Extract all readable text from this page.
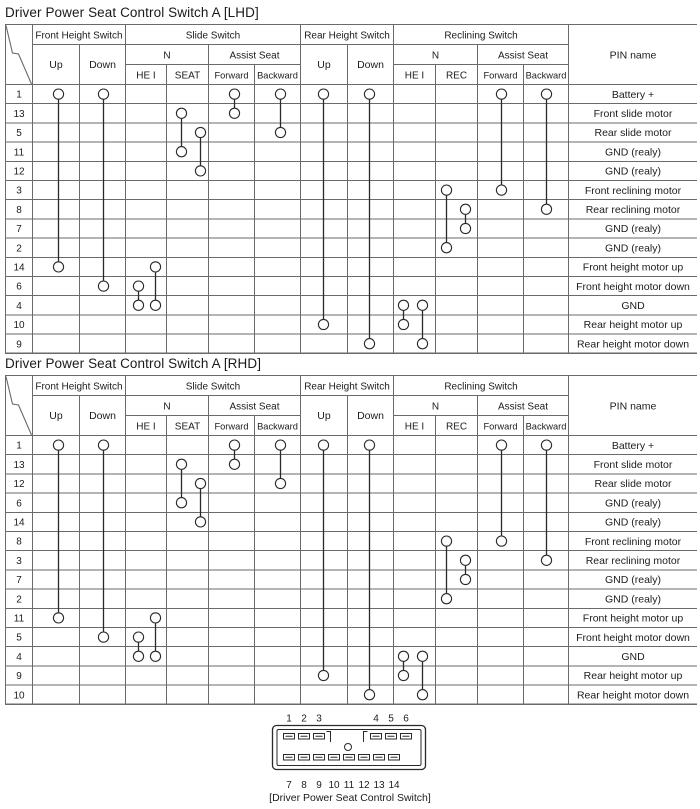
Driver Power Seat Control Switch A [LHD]
Front Height Switch
Up	Down
Slide Switch
N
HE I SEAT
Assist Seat
Forward Backward
Rear Height Switch
Up	Down
Reclining Switch
N
HE I REC
Assist Seat
Forward Backward
PIN name
1	Battery +
13	Front slide motor
5	Rear slide motor
11	GND (realy)
12	GND (realy)
3	Front reclining motor
8	Rear reclining motor
7	GND (realy)
2	GND (realy)
14	Front height motor up
6	Front height motor down
4	GND
10	Rear height motor up
9	Rear height motor down
Driver Power Seat Control Switch A [RHD]
Front Height Switch
Up	Down
Slide Switch
N
HE I SEAT
Assist Seat
Forward Backward
Rear Height Switch
Up	Down
Reclining Switch
N
HE I REC
Assist Seat
Forward Backward
PIN name
1	Battery +
13	Front slide motor
12	Rear slide motor
6	GND (realy)
14	GND (realy)
8	Front reclining motor
3	Rear reclining motor
7	GND (realy)
2	GND (realy)
11	Front height motor up
5	Front height motor down
4	GND
9	Rear height motor up
10	Rear height motor down
1 2 3	4 5 6
7 8 9 10 11 12 13 14
[Driver Power Seat Control Switch]
